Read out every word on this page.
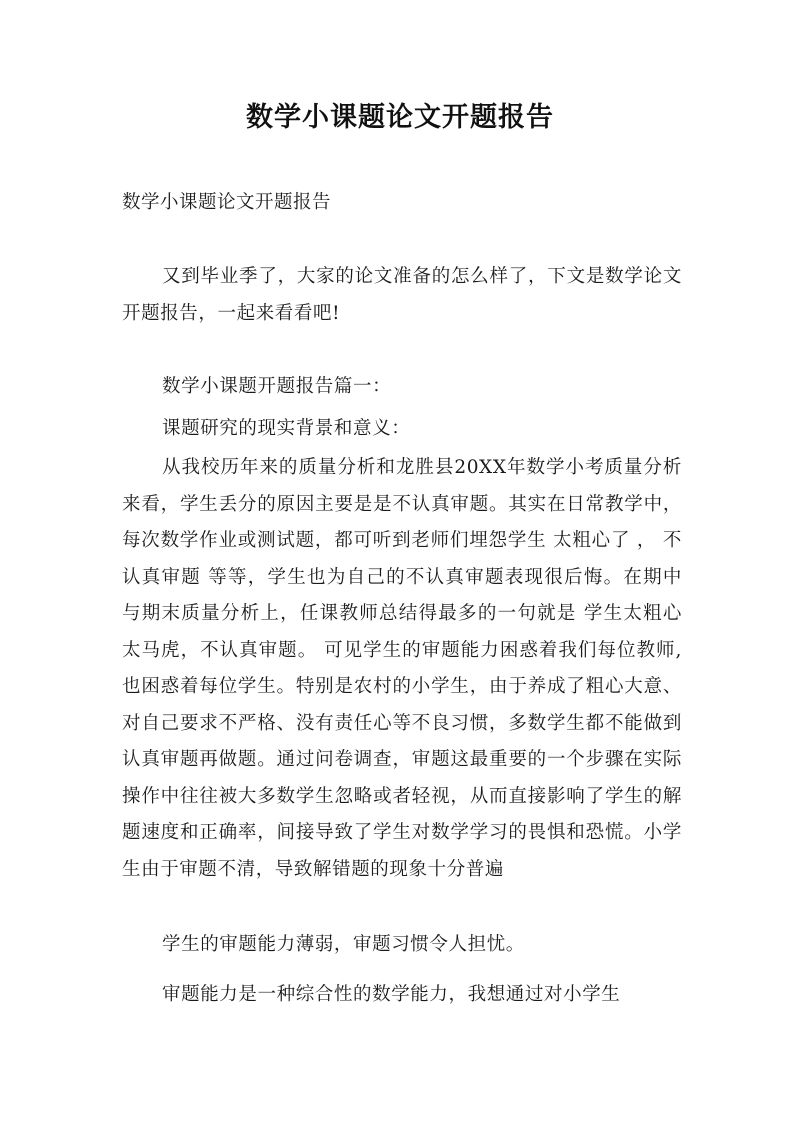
数学小课题论文开题报告
数学小课题论文开题报告

又到毕业季了，大家的论文准备的怎么样了，下文是数学论文开题报告，一起来看看吧!

数学小课题开题报告篇一：
课题研究的现实背景和意义：

从我校历年来的质量分析和龙胜县20XX年数学小考质量分析来看，学生丢分的原因主要是是不认真审题。其实在日常教学中，每次数学作业或测试题，都可听到老师们埋怨学生 太粗心了 ， 不认真审题 等等，学生也为自己的不认真审题表现很后悔。在期中与期末质量分析上，任课教师总结得最多的一句就是 学生太粗心太马虎，不认真审题。 可见学生的审题能力困惑着我们每位教师,也困惑着每位学生。特别是农村的小学生，由于养成了粗心大意、对自己要求不严格、没有责任心等不良习惯，多数学生都不能做到认真审题再做题。通过问卷调查，审题这最重要的一个步骤在实际操作中往往被大多数学生忽略或者轻视，从而直接影响了学生的解题速度和正确率，间接导致了学生对数学学习的畏惧和恐慌。小学生由于审题不清，导致解错题的现象十分普遍

学生的审题能力薄弱，审题习惯令人担忧。
审题能力是一种综合性的数学能力，我想通过对小学生
